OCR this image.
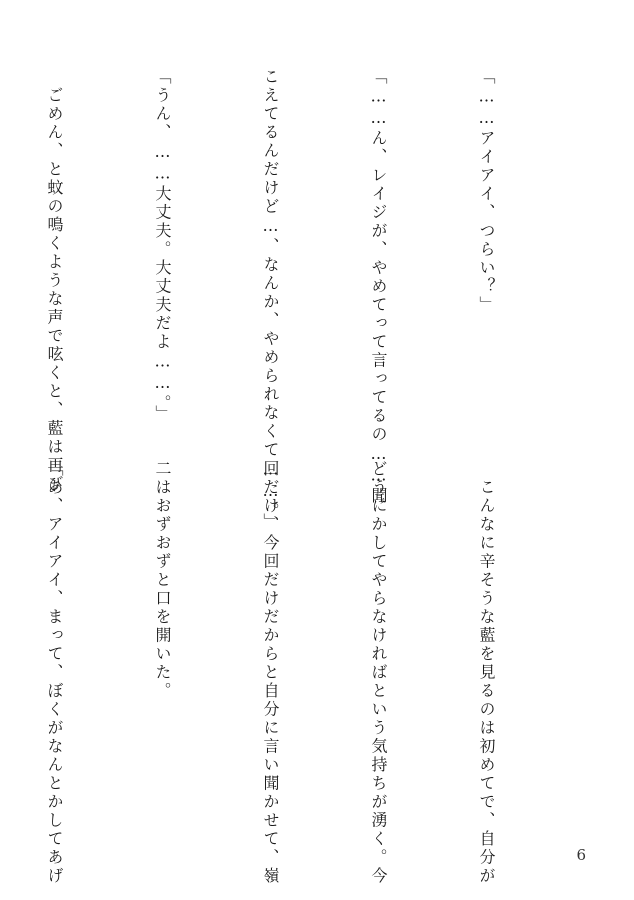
「……アイアイ、つらい？」

「……ん、レイジが、やめてって言ってるの……聞

こえてるんだけど…、なんか、やめられなくて……。」

「うん、……大丈夫。大丈夫だよ……。」

　ごめん、と蚊の鳴くような声で呟くと、藍は再び

　こんなに辛そうな藍を見るのは初めてで、自分が

どうにかしてやらなければという気持ちが湧く。今

回だけ、今回だけだからと自分に言い聞かせて、嶺

二はおずおずと口を開いた。

「あ、アイアイ、まって、ぼくがなんとかしてあげ

	6
